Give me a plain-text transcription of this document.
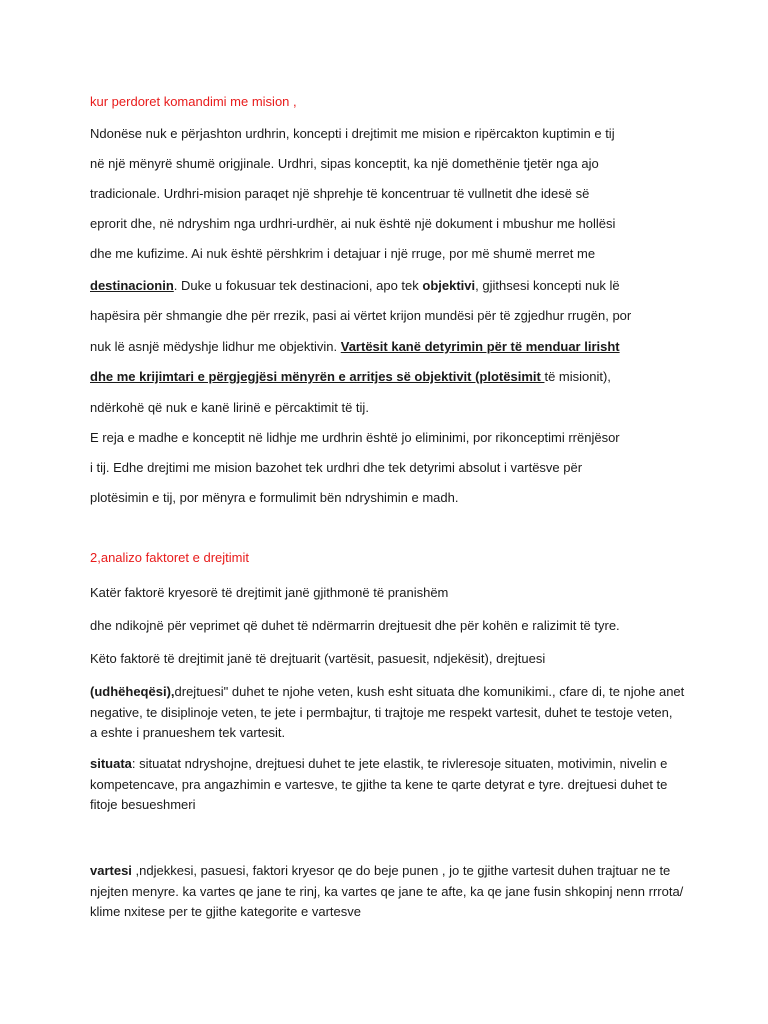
kur perdoret komandimi me mision ,
Ndonëse nuk e përjashton urdhrin, koncepti i drejtimit me mision e ripërcakton kuptimin e tij
në një mënyrë shumë origjinale. Urdhri, sipas konceptit, ka një domethënie tjetër nga ajo
tradicionale. Urdhri-mision paraqet një shprehje të koncentruar të vullnetit dhe idesë së
eprorit dhe, në ndryshim nga urdhri-urdhër, ai nuk është një dokument i mbushur me hollësi
dhe me kufizime. Ai nuk është përshkrim i detajuar i një rruge, por më shumë merret me
destinacionin. Duke u fokusuar tek destinacioni, apo tek objektivi, gjithsesi koncepti nuk lë
hapësira për shmangie dhe për rrezik, pasi ai vërtet krijon mundësi për të zgjedhur rrugën, por
nuk lë asnjë mëdyshje lidhur me objektivin. Vartësit kanë detyrimin për të menduar lirisht
dhe me krijimtari e përgjegjësi mënyrën e arritjes së objektivit (plotësimit të misionit),
ndërkohë që nuk e kanë lirinë e përcaktimit të tij.
E reja e madhe e konceptit në lidhje me urdhrin është jo eliminimi, por rikonceptimi rrënjësor
i tij. Edhe drejtimi me mision bazohet tek urdhri dhe tek detyrimi absolut i vartësve për
plotësimin e tij, por mënyra e formulimit bën ndryshimin e madh.
2,analizo faktoret e drejtimit
Katër faktorë kryesorë të drejtimit janë gjithmonë të pranishëm
dhe ndikojnë për veprimet që duhet të ndërmarrin drejtuesit dhe për kohën e ralizimit të tyre.
Këto faktorë të drejtimit janë të drejtuarit (vartësit, pasuesit, ndjekësit), drejtuesi
(udhëheqësi),drejtuesi" duhet te njohe veten, kush esht situata dhe komunikimi., cfare di, te njohe anet
negative, te disiplinoje veten, te jete i permbajtur, ti trajtoje me respekt vartesit, duhet te testoje veten,
a eshte i pranueshem tek vartesit.
situata: situatat ndryshojne, drejtuesi duhet te jete elastik, te rivleresoje situaten, motivimin, nivelin e
kompetencave, pra angazhimin e vartesve, te gjithe ta kene te qarte detyrat e tyre. drejtuesi duhet te
fitoje besueshmeri
vartesi ,ndjekkesi, pasuesi, faktori kryesor qe do beje punen , jo te gjithe vartesit duhen trajtuar ne te
njejten menyre. ka vartes qe jane te rinj, ka vartes qe jane te afte, ka qe jane fusin shkopinj nenn rrrota/
klime nxitese per te gjithe kategorite e vartesve
